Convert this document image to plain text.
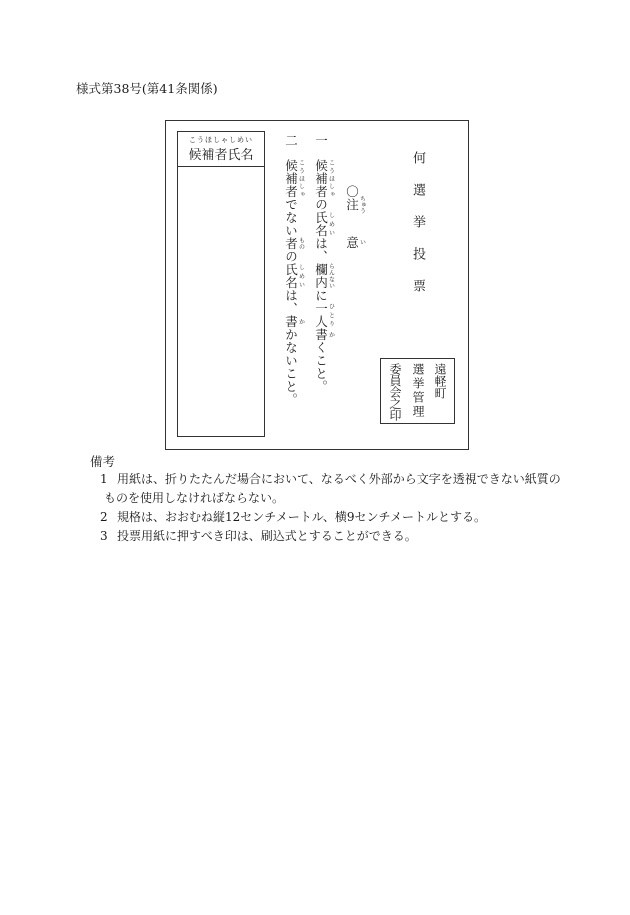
様式第38号(第41条関係)
こうほしゃしめい
候補者氏名
二候補者 こうほしゃでない者 ものの氏名 しめいは、書 かかないこと。
一候補者 こうほしゃの氏名 しめいは、欄内 らんないに一人 ひとり書 かくこと。
〇注 ちゅう意 い	何選挙投票
遠軽町
選挙管理
委員会之印
備考
1 用紙は、折りたたんだ場合において、なるべく外部から文字を透視できない紙質の
ものを使用しなければならない。
2 規格は、おおむね縦12センチメートル、横9センチメートルとする。
3 投票用紙に押すべき印は、刷込式とすることができる。
